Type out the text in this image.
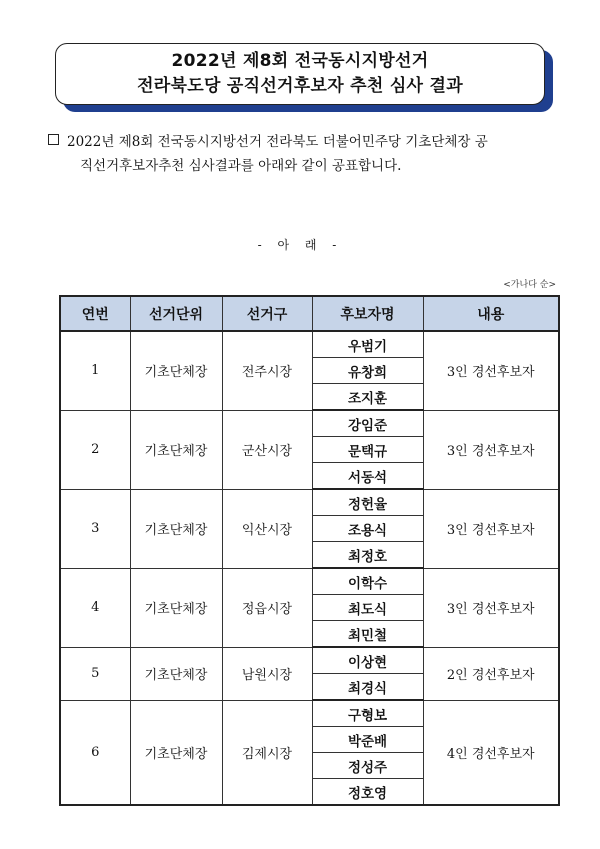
2022년 제8회 전국동시지방선거
전라북도당 공직선거후보자 추천 심사 결과
2022년 제8회 전국동시지방선거 전라북도 더불어민주당 기초단체장 공
직선거후보자추천 심사결과를 아래와 같이 공표합니다.
- 아 래 -
<가나다 순>
연번	선거단위	선거구	후보자명	내용
1	기초단체장	전주시장	우범기	3인 경선후보자
			유창희	
			조지훈	
2	기초단체장	군산시장	강임준	3인 경선후보자
			문택규	
			서동석	
3	기초단체장	익산시장	정헌율	3인 경선후보자
			조용식	
			최정호	
4	기초단체장	정읍시장	이학수	3인 경선후보자
			최도식	
			최민철	
5	기초단체장	남원시장	이상현	2인 경선후보자
			최경식	
6	기초단체장	김제시장	구형보	4인 경선후보자
			박준배	
			정성주	
			정호영	
